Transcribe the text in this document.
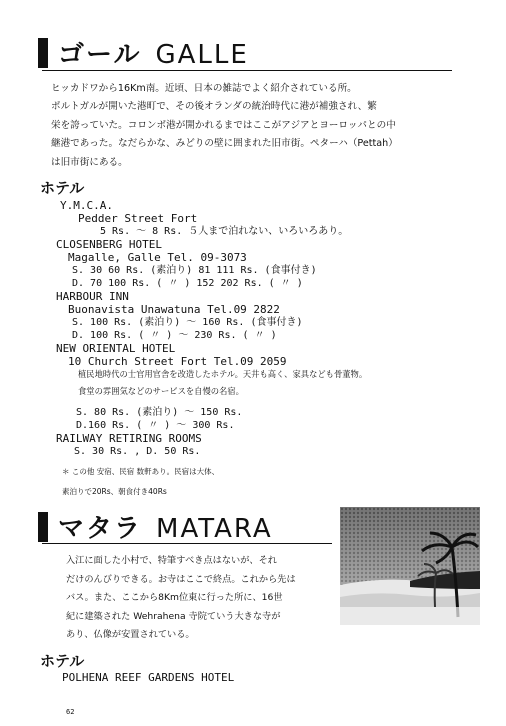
ゴール GALLE
ヒッカドワから16Km南。近頃、日本の雑誌でよく紹介されている所。
ポルトガルが開いた港町で、その後オランダの統治時代に港が補強され、繁
栄を誇っていた。コロンボ港が開かれるまではここがアジアとヨーロッパとの中
継港であった。なだらかな、みどりの壁に囲まれた旧市街。ペターハ（Pettah）
は旧市街にある。
ホテル
Y.M.C.A.
Pedder Street Fort
5 Rs. ～ 8 Rs. ５人まで泊れない、いろいろあり。
CLOSENBERG HOTEL
Magalle, Galle Tel. 09-3073
S. 30 60 Rs. (素泊り) 81 111 Rs. (食事付き)
D. 70 100 Rs. ( 〃 ) 152 202 Rs. ( 〃 )
HARBOUR INN
Buonavista Unawatuna Tel.09 2822
S. 100 Rs. (素泊り) ～ 160 Rs. (食事付き)
D. 100 Rs. ( 〃 ) ～ 230 Rs. ( 〃 )
NEW ORIENTAL HOTEL
10 Church Street Fort Tel.09 2059
植民地時代の士官用官舎を改造したホテル。天井も高く、家具なども骨董物。
食堂の雰囲気などのサービスを自慢の名宿。
S. 80 Rs. (素泊り) ～ 150 Rs.
D.160 Rs. ( 〃 ) ～ 300 Rs.
RAILWAY RETIRING ROOMS
S. 30 Rs. , D. 50 Rs.
＊ この他 安宿、民宿 数軒あり。民宿は大体、
素泊りで20Rs、朝食付き40Rs
マタラ MATARA
入江に面した小村で、特筆すべき点はないが、それ
だけのんびりできる。お寺はここで終点。これから先は
バス。また、ここから8Km位東に行った所に、16世
紀に建築された Wehrahena 寺院ていう大きな寺が
あり、仏像が安置されている。
ホテル
POLHENA REEF GARDENS HOTEL
62
